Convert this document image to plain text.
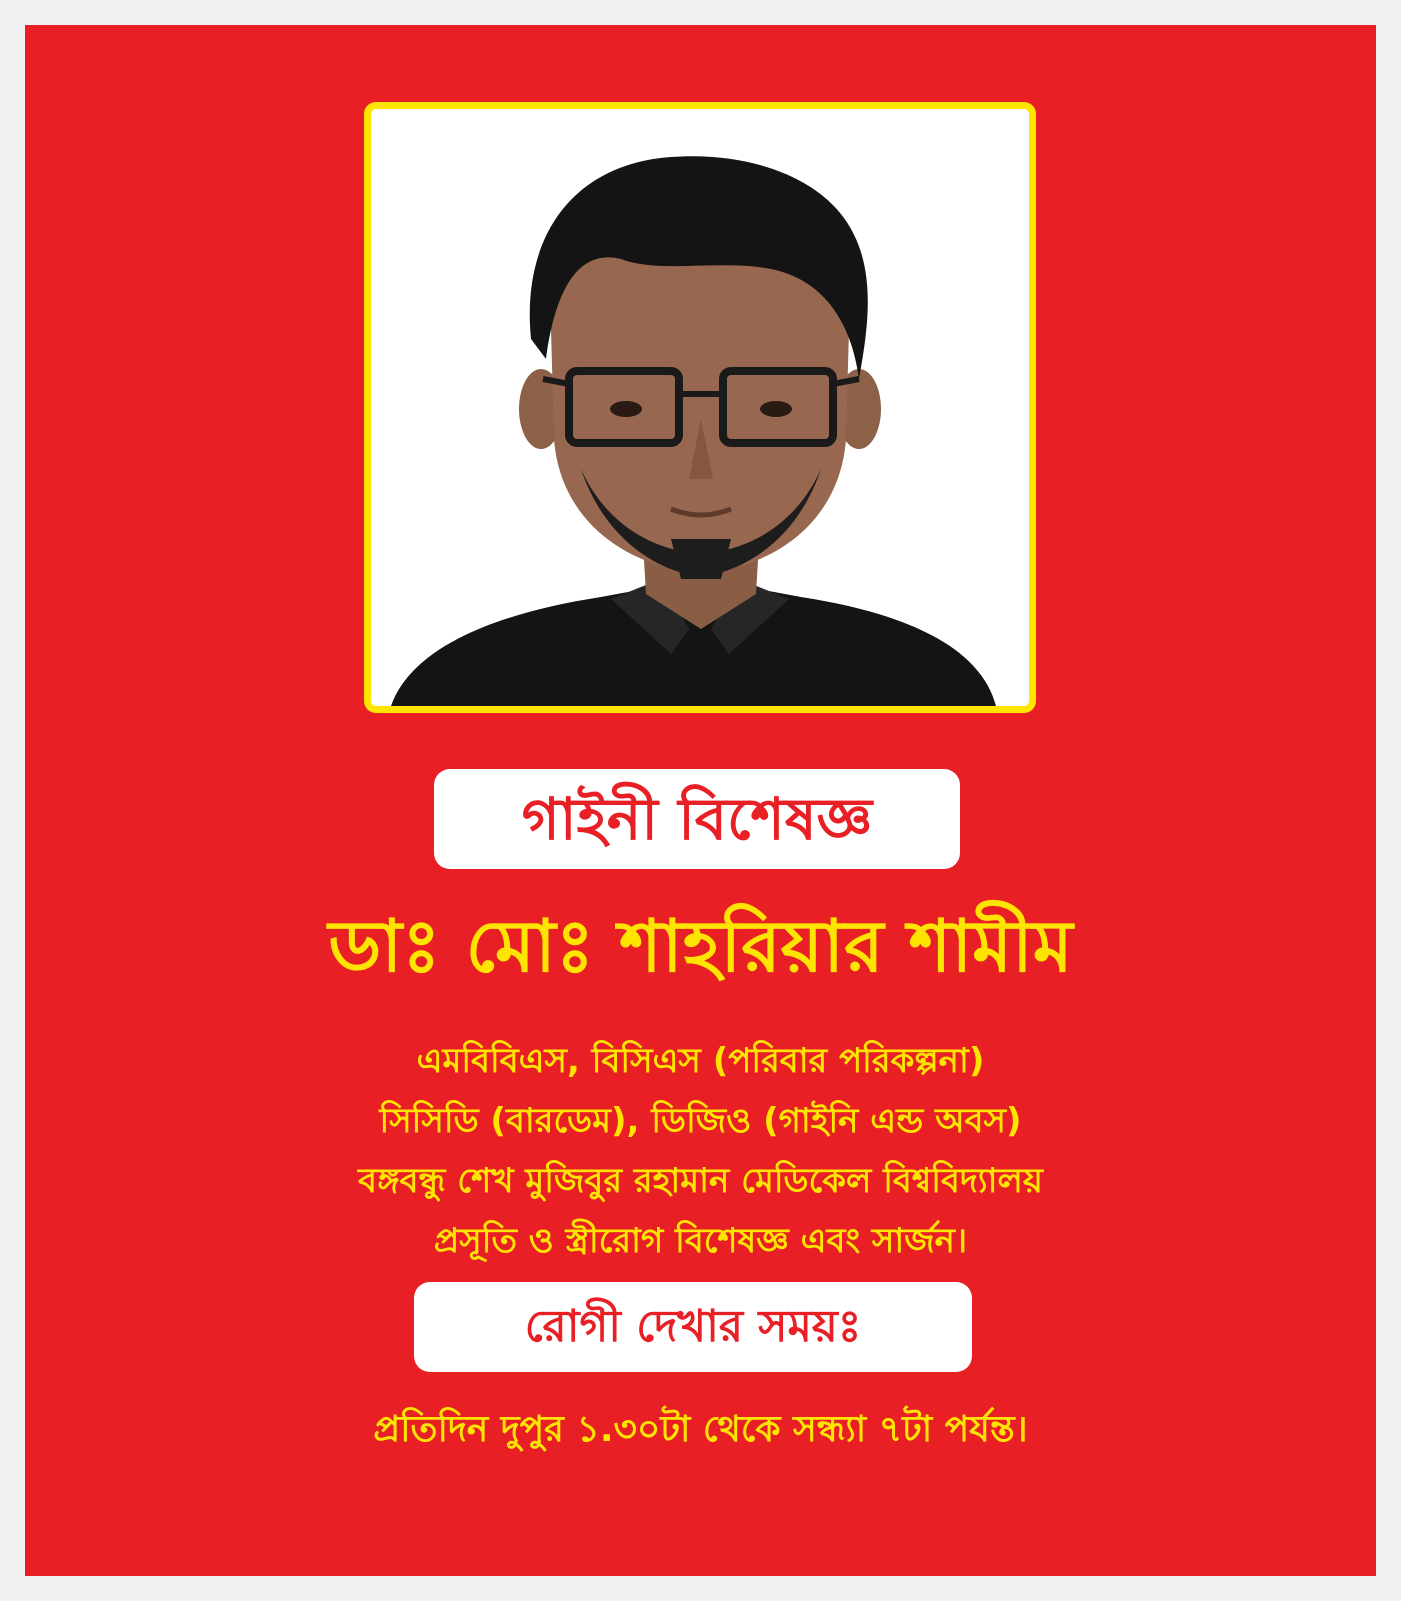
গাইনী বিশেষজ্ঞ
ডাঃ মোঃ শাহরিয়ার শামীম
এমবিবিএস, বিসিএস (পরিবার পরিকল্পনা)
সিসিডি (বারডেম), ডিজিও (গাইনি এন্ড অবস)
বঙ্গবন্ধু শেখ মুজিবুর রহামান মেডিকেল বিশ্ববিদ্যালয়
প্রসূতি ও স্ত্রীরোগ বিশেষজ্ঞ এবং সার্জন।
রোগী দেখার সময়ঃ
প্রতিদিন দুপুর ১.৩০টা থেকে সন্ধ্যা ৭টা পর্যন্ত।
